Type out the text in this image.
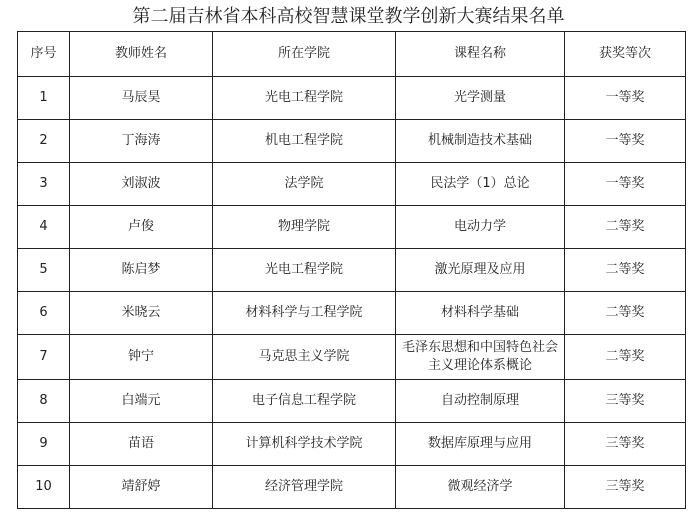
第二届吉林省本科高校智慧课堂教学创新大赛结果名单
序号	教师姓名	所在学院	课程名称	获奖等次
1	马辰昊	光电工程学院	光学测量	一等奖
2	丁海涛	机电工程学院	机械制造技术基础	一等奖
3	刘淑波	法学院	民法学（1）总论	一等奖
4	卢俊	物理学院	电动力学	二等奖
5	陈启梦	光电工程学院	激光原理及应用	二等奖
6	米晓云	材料科学与工程学院	材料科学基础	二等奖
7	钟宁	马克思主义学院	毛泽东思想和中国特色社会主义理论体系概论	二等奖
8	白端元	电子信息工程学院	自动控制原理	三等奖
9	苗语	计算机科学技术学院	数据库原理与应用	三等奖
10	靖舒婷	经济管理学院	微观经济学	三等奖
